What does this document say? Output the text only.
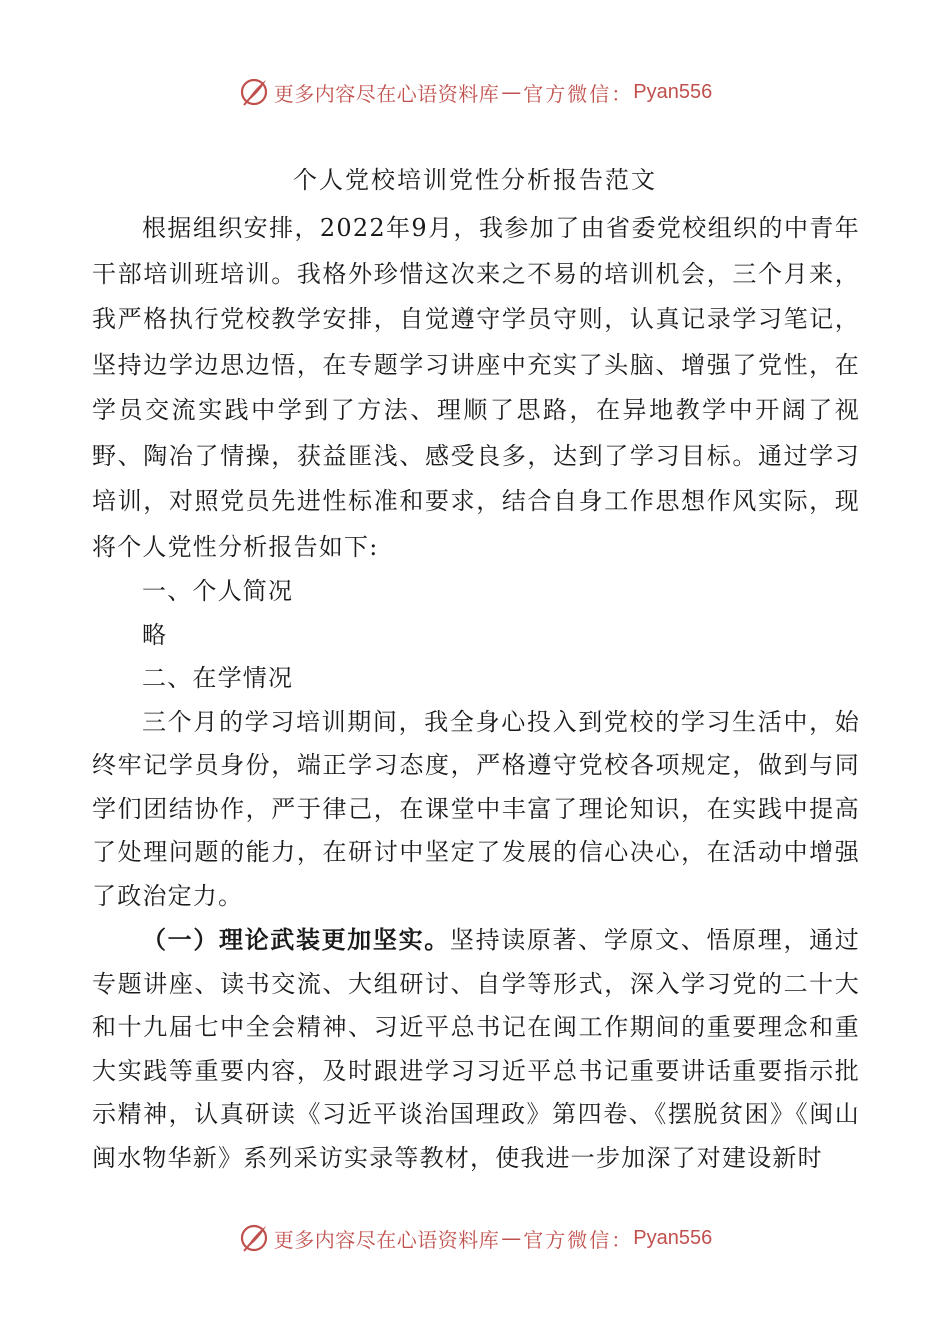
更多内容尽在心语资料库 — 官方微信： Pyan556
个人党校培训党性分析报告范文

根据组织安排，2022年9月，我参加了由省委党校组织的中青年干部培训班培训。我格外珍惜这次来之不易的培训机会，三个月来，我严格执行党校教学安排，自觉遵守学员守则，认真记录学习笔记，坚持边学边思边悟，在专题学习讲座中充实了头脑、增强了党性，在学员交流实践中学到了方法、理顺了思路，在异地教学中开阔了视野、陶冶了情操，获益匪浅、感受良多，达到了学习目标。通过学习培训，对照党员先进性标准和要求，结合自身工作思想作风实际，现将个人党性分析报告如下:

一、个人简况

略

二、在学情况

三个月的学习培训期间，我全身心投入到党校的学习生活中，始终牢记学员身份，端正学习态度，严格遵守党校各项规定，做到与同学们团结协作，严于律己，在课堂中丰富了理论知识，在实践中提高了处理问题的能力，在研讨中坚定了发展的信心决心，在活动中增强了政治定力。

（一）理论武装更加坚实。坚持读原著、学原文、悟原理，通过专题讲座、读书交流、大组研讨、自学等形式，深入学习党的二十大和十九届七中全会精神、习近平总书记在闽工作期间的重要理念和重大实践等重要内容，及时跟进学习习近平总书记重要讲话重要指示批示精神，认真研读《习近平谈治国理政》第四卷、《摆脱贫困》《闽山闽水物华新》系列采访实录等教材，使我进一步加深了对建设新时

更多内容尽在心语资料库 — 官方微信： Pyan556
